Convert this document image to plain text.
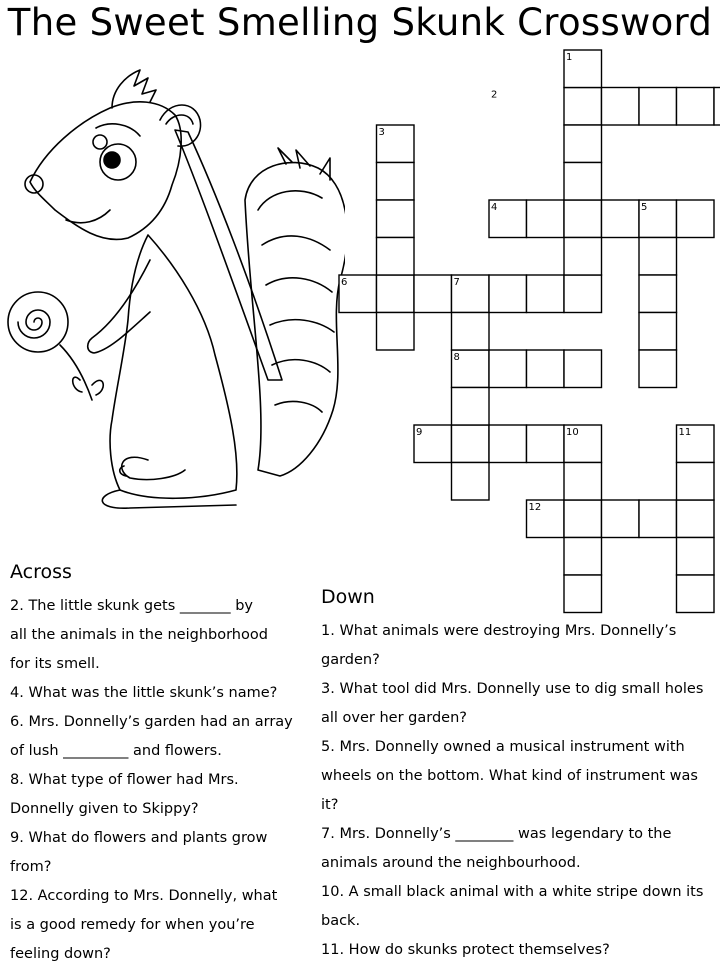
The Sweet Smelling Skunk Crossword
1
2
3
4	5
6	7
8
9	10	11
12
Across

2. The little skunk gets _______ by

all the animals in the neighborhood

for its smell.

4. What was the little skunk’s name?

6. Mrs. Donnelly’s garden had an array

of lush _________ and flowers.

8. What type of flower had Mrs.

Donnelly given to Skippy?

9. What do flowers and plants grow

from?

12. According to Mrs. Donnelly, what

is a good remedy for when you’re

feeling down?

Down

1. What animals were destroying Mrs. Donnelly’s

garden?

3. What tool did Mrs. Donnelly use to dig small holes

all over her garden?

5. Mrs. Donnelly owned a musical instrument with

wheels on the bottom. What kind of instrument was

it?

7. Mrs. Donnelly’s ________ was legendary to the

animals around the neighbourhood.

10. A small black animal with a white stripe down its

back.

11. How do skunks protect themselves?
